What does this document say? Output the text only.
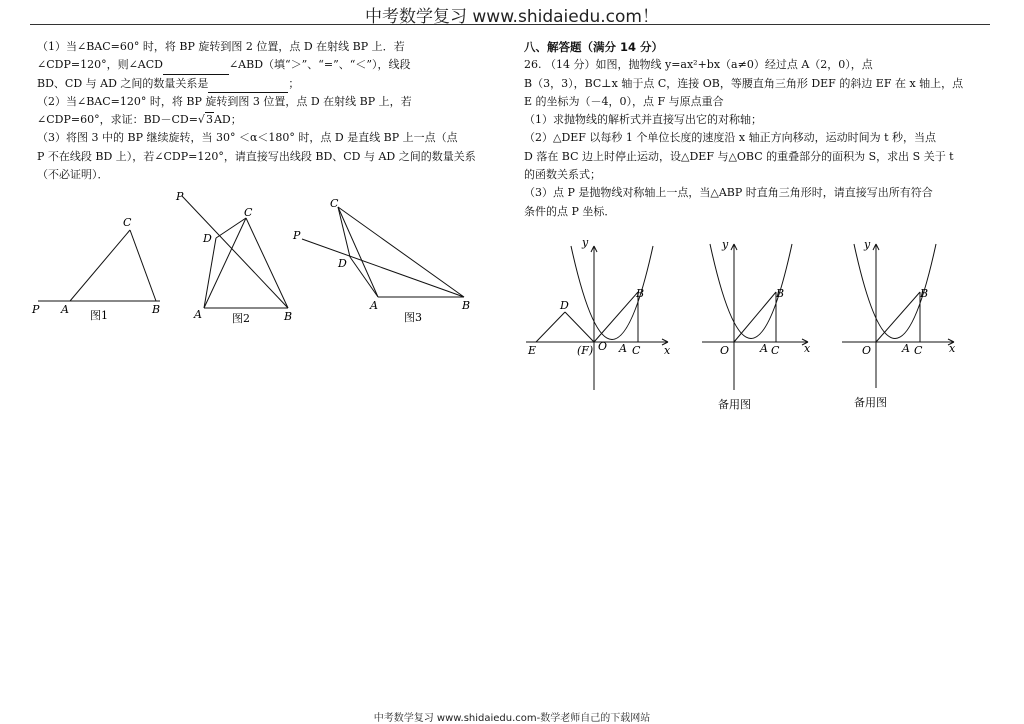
中考数学复习 www.shidaiedu.com！
（1）当∠BAC=60° 时，将 BP 旋转到图 2 位置，点 D 在射线 BP 上．若
∠CDP=120°，则∠ACD	∠ABD（填“＞”、“=”、“＜”），线段
BD、CD 与 AD 之间的数量关系是	；
（2）当∠BAC=120° 时，将 BP 旋转到图 3 位置，点 D 在射线 BP 上，若
∠CDP=60°，求证：BD－CD=√3AD；
（3）将图 3 中的 BP 继续旋转，当 30° ＜α＜180° 时，点 D 是直线 BP 上一点（点
P 不在线段 BD 上），若∠CDP=120°，请直接写出线段 BD、CD 与 AD 之间的数量关系
（不必证明）．
P A	B
C
图1
P
D
C
A	B
图2
C
P
D
A	B
图3
八、解答题（满分 14 分）
26. （14 分）如图，抛物线 y=ax²+bx（a≠0）经过点 A（2，0），点
B（3，3），BC⊥x 轴于点 C，连接 OB，等腰直角三角形 DEF 的斜边 EF 在 x 轴上，点
E 的坐标为（－4，0），点 F 与原点重合
（1）求抛物线的解析式并直接写出它的对称轴；
（2）△DEF 以每秒 1 个单位长度的速度沿 x 轴正方向移动，运动时间为 t 秒，当点
D 落在 BC 边上时停止运动，设△DEF 与△OBC 的重叠部分的面积为 S，求出 S 关于 t
的函数关系式；
（3）点 P 是抛物线对称轴上一点，当△ABP 时直角三角形时，请直接写出所有符合
条件的点 P 坐标．
y
D
B
E	(F) O A C x
y
B
O	A C x
备用图
y
B
O	A C x
备用图
中考数学复习 www.shidaiedu.com-数学老师自己的下载网站
